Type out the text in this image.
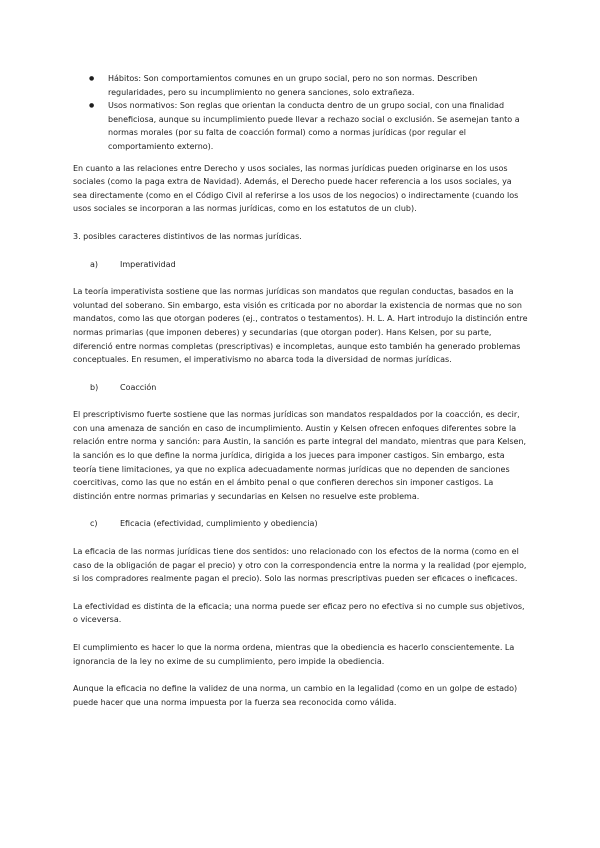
● Hábitos: Son comportamientos comunes en un grupo social, pero no son normas. Describen regularidades, pero su incumplimiento no genera sanciones, solo extrañeza.
● Usos normativos: Son reglas que orientan la conducta dentro de un grupo social, con una finalidad beneficiosa, aunque su incumplimiento puede llevar a rechazo social o exclusión. Se asemejan tanto a normas morales (por su falta de coacción formal) como a normas jurídicas (por regular el comportamiento externo).

En cuanto a las relaciones entre Derecho y usos sociales, las normas jurídicas pueden originarse en los usos sociales (como la paga extra de Navidad). Además, el Derecho puede hacer referencia a los usos sociales, ya sea directamente (como en el Código Civil al referirse a los usos de los negocios) o indirectamente (cuando los usos sociales se incorporan a las normas jurídicas, como en los estatutos de un club).

3. posibles caracteres distintivos de las normas jurídicas.
a)	Imperatividad

La teoría imperativista sostiene que las normas jurídicas son mandatos que regulan conductas, basados en la voluntad del soberano. Sin embargo, esta visión es criticada por no abordar la existencia de normas que no son mandatos, como las que otorgan poderes (ej., contratos o testamentos). H. L. A. Hart introdujo la distinción entre normas primarias (que imponen deberes) y secundarias (que otorgan poder). Hans Kelsen, por su parte, diferenció entre normas completas (prescriptivas) e incompletas, aunque esto también ha generado problemas conceptuales. En resumen, el imperativismo no abarca toda la diversidad de normas jurídicas.

b)	Coacción

El prescriptivismo fuerte sostiene que las normas jurídicas son mandatos respaldados por la coacción, es decir, con una amenaza de sanción en caso de incumplimiento. Austin y Kelsen ofrecen enfoques diferentes sobre la relación entre norma y sanción: para Austin, la sanción es parte integral del mandato, mientras que para Kelsen, la sanción es lo que define la norma jurídica, dirigida a los jueces para imponer castigos. Sin embargo, esta teoría tiene limitaciones, ya que no explica adecuadamente normas jurídicas que no dependen de sanciones coercitivas, como las que no están en el ámbito penal o que confieren derechos sin imponer castigos. La distinción entre normas primarias y secundarias en Kelsen no resuelve este problema.

c)	Eficacia (efectividad, cumplimiento y obediencia)

La eficacia de las normas jurídicas tiene dos sentidos: uno relacionado con los efectos de la norma (como en el caso de la obligación de pagar el precio) y otro con la correspondencia entre la norma y la realidad (por ejemplo, si los compradores realmente pagan el precio). Solo las normas prescriptivas pueden ser eficaces o ineficaces.

La efectividad es distinta de la eficacia; una norma puede ser eficaz pero no efectiva si no cumple sus objetivos, o viceversa.

El cumplimiento es hacer lo que la norma ordena, mientras que la obediencia es hacerlo conscientemente. La ignorancia de la ley no exime de su cumplimiento, pero impide la obediencia.

Aunque la eficacia no define la validez de una norma, un cambio en la legalidad (como en un golpe de estado) puede hacer que una norma impuesta por la fuerza sea reconocida como válida.
